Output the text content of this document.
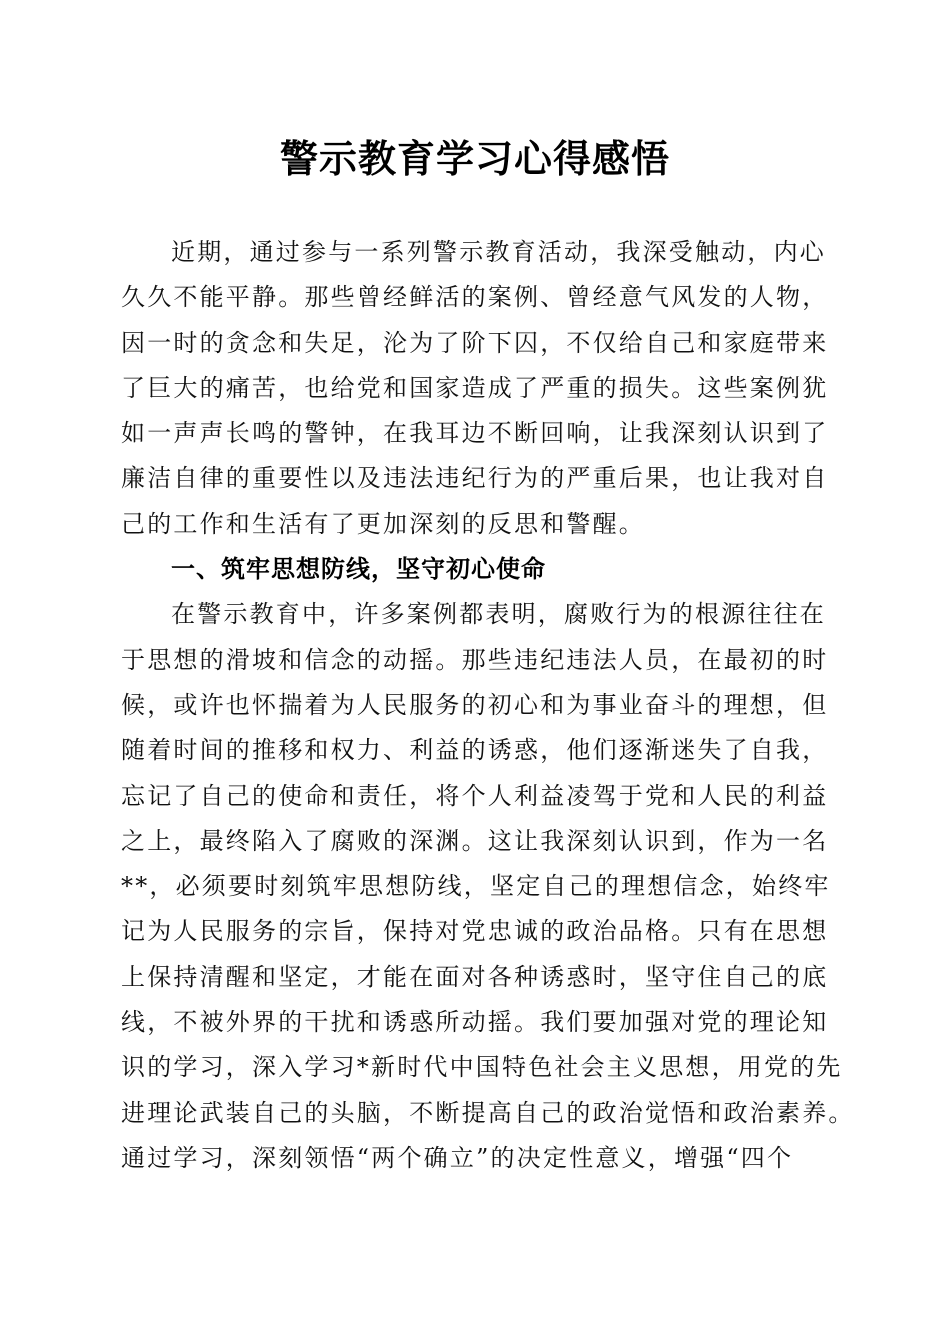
警示教育学习心得感悟
近期，通过参与一系列警示教育活动，我深受触动，内心
久久不能平静。那些曾经鲜活的案例、曾经意气风发的人物，
因一时的贪念和失足，沦为了阶下囚，不仅给自己和家庭带来
了巨大的痛苦，也给党和国家造成了严重的损失。这些案例犹
如一声声长鸣的警钟，在我耳边不断回响，让我深刻认识到了
廉洁自律的重要性以及违法违纪行为的严重后果，也让我对自
己的工作和生活有了更加深刻的反思和警醒。
一、筑牢思想防线，坚守初心使命
在警示教育中，许多案例都表明，腐败行为的根源往往在
于思想的滑坡和信念的动摇。那些违纪违法人员，在最初的时
候，或许也怀揣着为人民服务的初心和为事业奋斗的理想，但
随着时间的推移和权力、利益的诱惑，他们逐渐迷失了自我，
忘记了自己的使命和责任，将个人利益凌驾于党和人民的利益
之上，最终陷入了腐败的深渊。这让我深刻认识到，作为一名
**，必须要时刻筑牢思想防线，坚定自己的理想信念，始终牢
记为人民服务的宗旨，保持对党忠诚的政治品格。只有在思想
上保持清醒和坚定，才能在面对各种诱惑时，坚守住自己的底
线，不被外界的干扰和诱惑所动摇。我们要加强对党的理论知
识的学习，深入学习*新时代中国特色社会主义思想，用党的先
进理论武装自己的头脑，不断提高自己的政治觉悟和政治素养。
通过学习，深刻领悟“两个确立”的决定性意义，增强“四个
